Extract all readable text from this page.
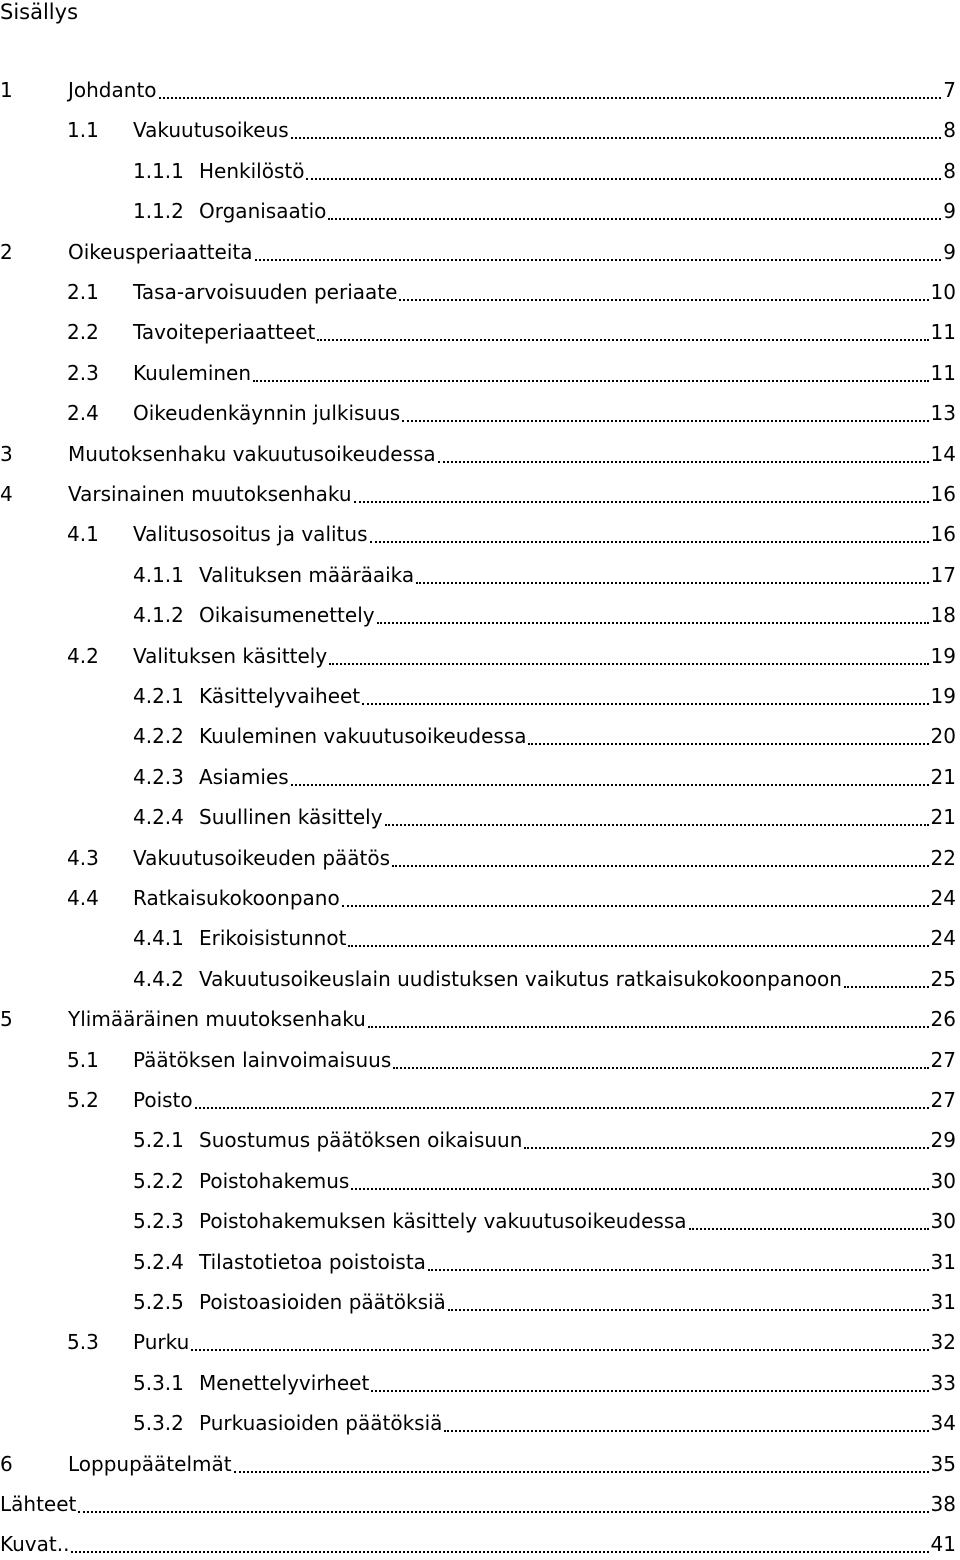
Sisällys
1	Johdanto	7
1.1	Vakuutusoikeus	8
1.1.1 Henkilöstö	8
1.1.2 Organisaatio	9
2	Oikeusperiaatteita	9
2.1	Tasa-arvoisuuden periaate	10
2.2	Tavoiteperiaatteet	11
2.3	Kuuleminen	11
2.4	Oikeudenkäynnin julkisuus	13
3	Muutoksenhaku vakuutusoikeudessa	14
4	Varsinainen muutoksenhaku	16
4.1	Valitusosoitus ja valitus	16
4.1.1 Valituksen määräaika	17
4.1.2 Oikaisumenettely	18
4.2	Valituksen käsittely	19
4.2.1 Käsittelyvaiheet	19
4.2.2 Kuuleminen vakuutusoikeudessa	20
4.2.3 Asiamies	21
4.2.4 Suullinen käsittely	21
4.3	Vakuutusoikeuden päätös	22
4.4	Ratkaisukokoonpano	24
4.4.1 Erikoisistunnot	24
4.4.2 Vakuutusoikeuslain uudistuksen vaikutus ratkaisukokoonpanoon	25
5	Ylimääräinen muutoksenhaku	26
5.1	Päätöksen lainvoimaisuus	27
5.2	Poisto	27
5.2.1 Suostumus päätöksen oikaisuun	29
5.2.2 Poistohakemus	30
5.2.3 Poistohakemuksen käsittely vakuutusoikeudessa	30
5.2.4 Tilastotietoa poistoista	31
5.2.5 Poistoasioiden päätöksiä	31
5.3	Purku	32
5.3.1 Menettelyvirheet	33
5.3.2 Purkuasioiden päätöksiä	34
6	Loppupäätelmät	35
Lähteet	38
Kuvat..	41
